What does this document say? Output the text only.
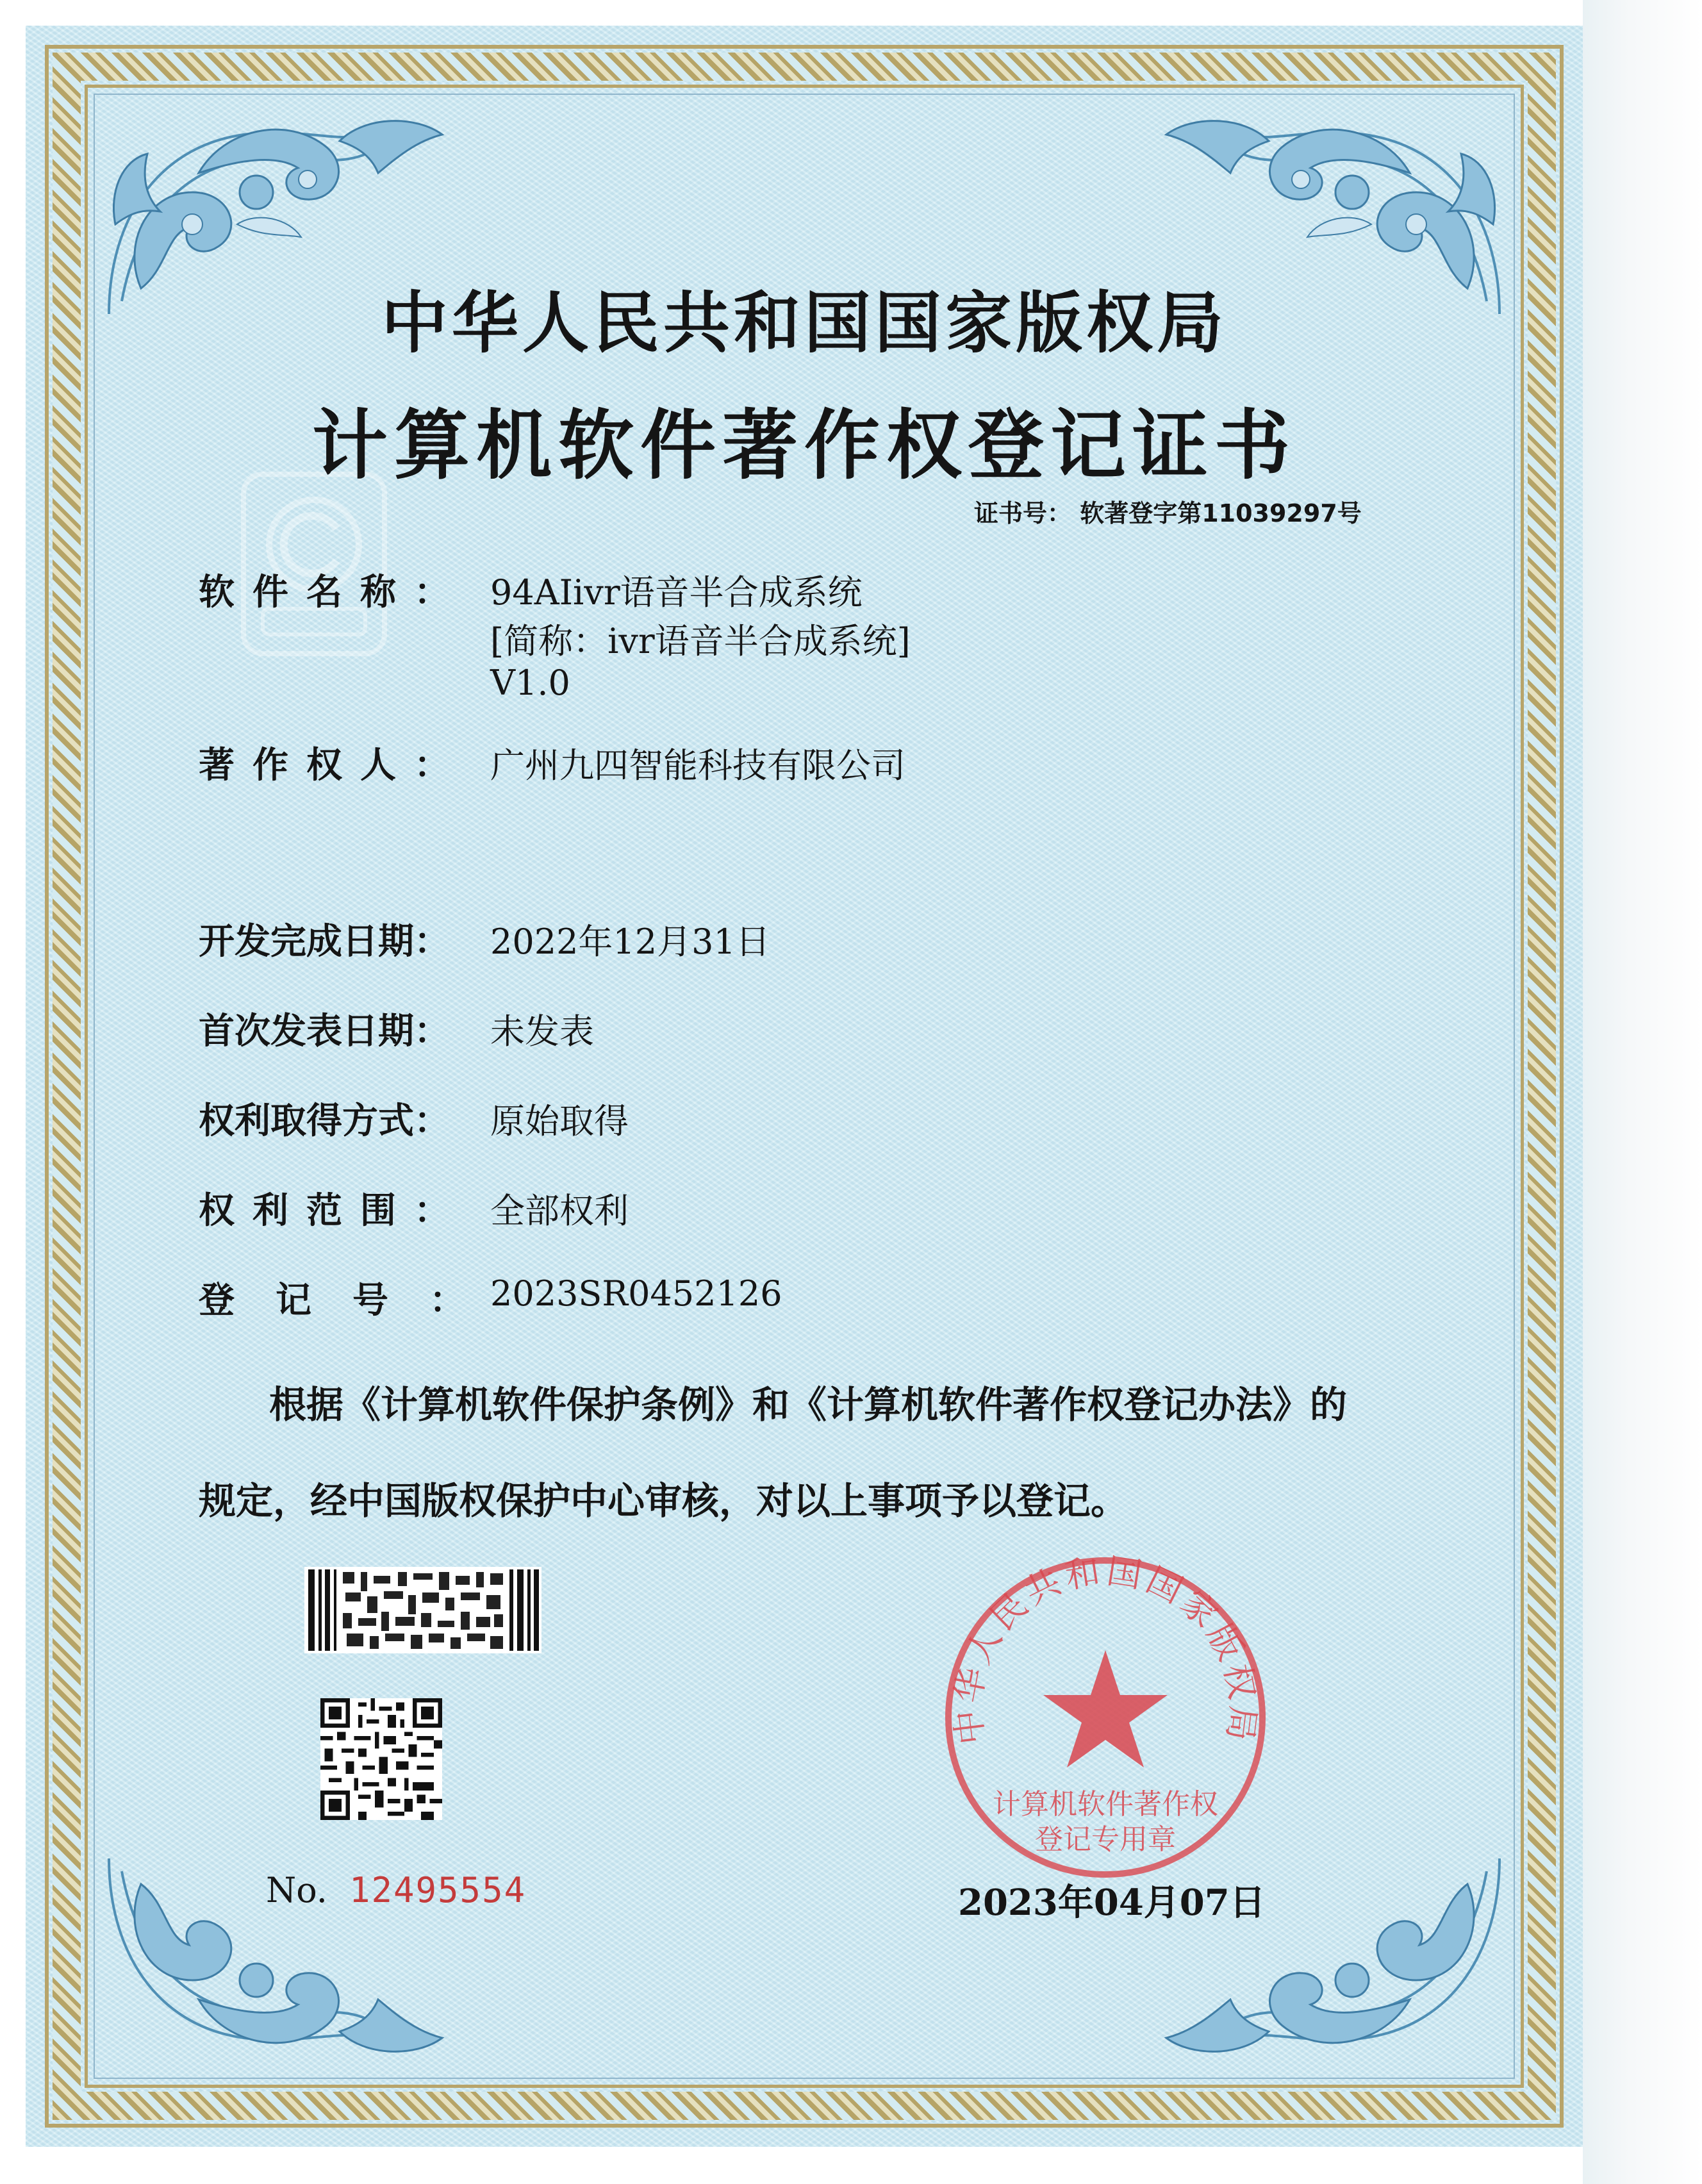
中华人民共和国国家版权局
计算机软件著作权登记证书
证书号： 软著登字第11039297号
软件名称： 94AIivr语音半合成系统
[简称：ivr语音半合成系统]
V1.0
著作权人： 广州九四智能科技有限公司
开发完成日期： 2022年12月31日
首次发表日期： 未发表
权利取得方式： 原始取得
权利范围： 全部权利
登记号：
2023SR0452126
根据《计算机软件保护条例》和《计算机软件著作权登记办法》的
规定，经中国版权保护中心审核，对以上事项予以登记。
No. 12495554
中华人民共和国国家版权局
计算机软件著作权
登记专用章
2023年04月07日
